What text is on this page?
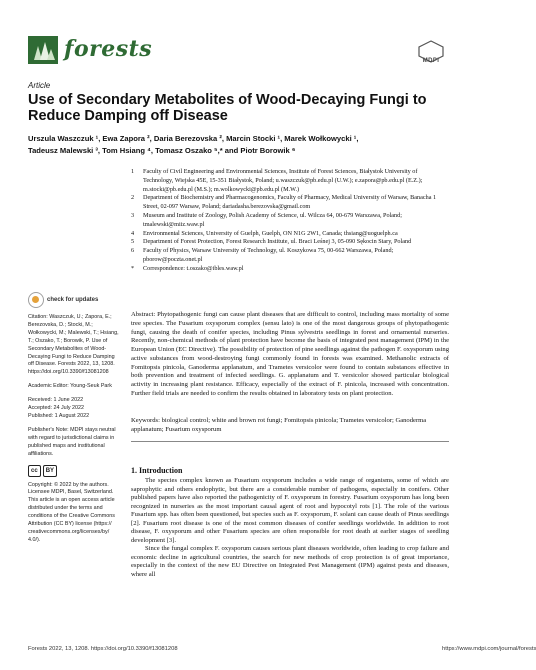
forests	MDPI
Article
Use of Secondary Metabolites of Wood-Decaying Fungi to Reduce Damping off Disease
Urszula Waszczuk ¹, Ewa Zapora ², Daria Berezovska ², Marcin Stocki ¹, Marek Wołkowycki ¹,
Tadeusz Malewski ³, Tom Hsiang ⁴, Tomasz Oszako ⁵,* and Piotr Borowik ⁶
1	Faculty of Civil Engineering and Environmental Sciences, Institute of Forest Sciences, Białystok University of Technology, Wiejska 45E, 15-351 Białystok, Poland; u.waszczuk@pb.edu.pl (U.W.); e.zapora@pb.edu.pl (E.Z.); m.stocki@pb.edu.pl (M.S.); m.wolkowycki@pb.edu.pl (M.W.)
2	Department of Biochemistry and Pharmacogenomics, Faculty of Pharmacy, Medical University of Warsaw, Banacha 1 Street, 02-097 Warsaw, Poland; dariadasha.berezovska@gmail.com
3	Museum and Institute of Zoology, Polish Academy of Science, ul. Wilcza 64, 00-679 Warszawa, Poland; tmalewski@miiz.waw.pl
4	Environmental Sciences, University of Guelph, Guelph, ON N1G 2W1, Canada; thsiang@uoguelph.ca
5	Department of Forest Protection, Forest Research Institute, ul. Braci Leśnej 3, 05-090 Sękocin Stary, Poland
6	Faculty of Physics, Warsaw University of Technology, ul. Koszykowa 75, 00-662 Warszawa, Poland; pborow@poczta.onet.pl
*	Correspondence: t.oszako@ibles.waw.pl
check for updates
Citation: Waszczuk, U.; Zapora, E.; Berezovska, D.; Stocki, M.; Wołkowycki, M.; Malewski, T.; Hsiang, T.; Oszako, T.; Borowik, P. Use of Secondary Metabolites of Wood-Decaying Fungi to Reduce Damping off Disease. Forests 2022, 13, 1208. https://doi.org/10.3390/f13081208
Academic Editor: Young-Seuk Park
Received: 1 June 2022
Accepted: 24 July 2022
Published: 1 August 2022
Publisher's Note: MDPI stays neutral with regard to jurisdictional claims in published maps and institutional affiliations.
cc	BY
Copyright: © 2022 by the authors. Licensee MDPI, Basel, Switzerland. This article is an open access article distributed under the terms and conditions of the Creative Commons Attribution (CC BY) license (https:// creativecommons.org/licenses/by/ 4.0/).
Abstract: Phytopathogenic fungi can cause plant diseases that are difficult to control, including mass mortality of some tree species. The Fusarium oxysporum complex (sensu lato) is one of the most dangerous groups of phytopathogenic fungi, causing the death of conifer species, including Pinus sylvestris seedlings in forest and ornamental nurseries. Recently, non-chemical methods of plant protection have become the basis of integrated pest management (IPM) in the European Union (EC Directive). The possibility of protection of pine seedlings against the pathogen F. oxysporum using active substances from wood-destroying fungi commonly found in forests was examined. Methanolic extracts of Fomitopsis pinicola, Ganoderma applanatum, and Trametes versicolor were found to contain substances effective in both prevention and treatment of infected seedlings. G. applanatum and T. versicolor showed particular biological activity in increasing plant resistance. Efficacy, especially of the extract of F. pinicola, increased with concentration. Further field trials are needed to confirm the results obtained in laboratory tests on plant protection.
Keywords: biological control; white and brown rot fungi; Fomitopsis pinicola; Trametes versicolor; Ganoderma applanatum; Fusarium oxysporum
1. Introduction

The species complex known as Fusarium oxysporum includes a wide range of organisms, some of which are saprophytic and others endophytic, but there are a considerable number of pathogens, especially in conifers. Other published papers have also reported the pathogenicity of F. oxysporum in forestry. Fusarium oxysporum has long been recognized in nurseries as the most important causal agent of root and hypocotyl rots [1]. The role of the various Fusarium spp. has often been questioned, but species such as F. oxysporum, F. solani can cause death of Pinus seedlings [2]. Fusarium root disease is one of the most common diseases of conifer seedlings worldwide. In addition to root disease, F. oxysporum and other Fusarium species are often responsible for root death at earlier stages of seedling development [3].

Since the fungal complex F. oxysporum causes serious plant diseases worldwide, often leading to crop failure and economic decline in agricultural countries, the search for new methods of crop protection is of great importance, especially in the context of the new EU Directive on Integrated Pest Management (IPM) against pests and diseases, where all

Forests 2022, 13, 1208. https://doi.org/10.3390/f13081208	https://www.mdpi.com/journal/forests
